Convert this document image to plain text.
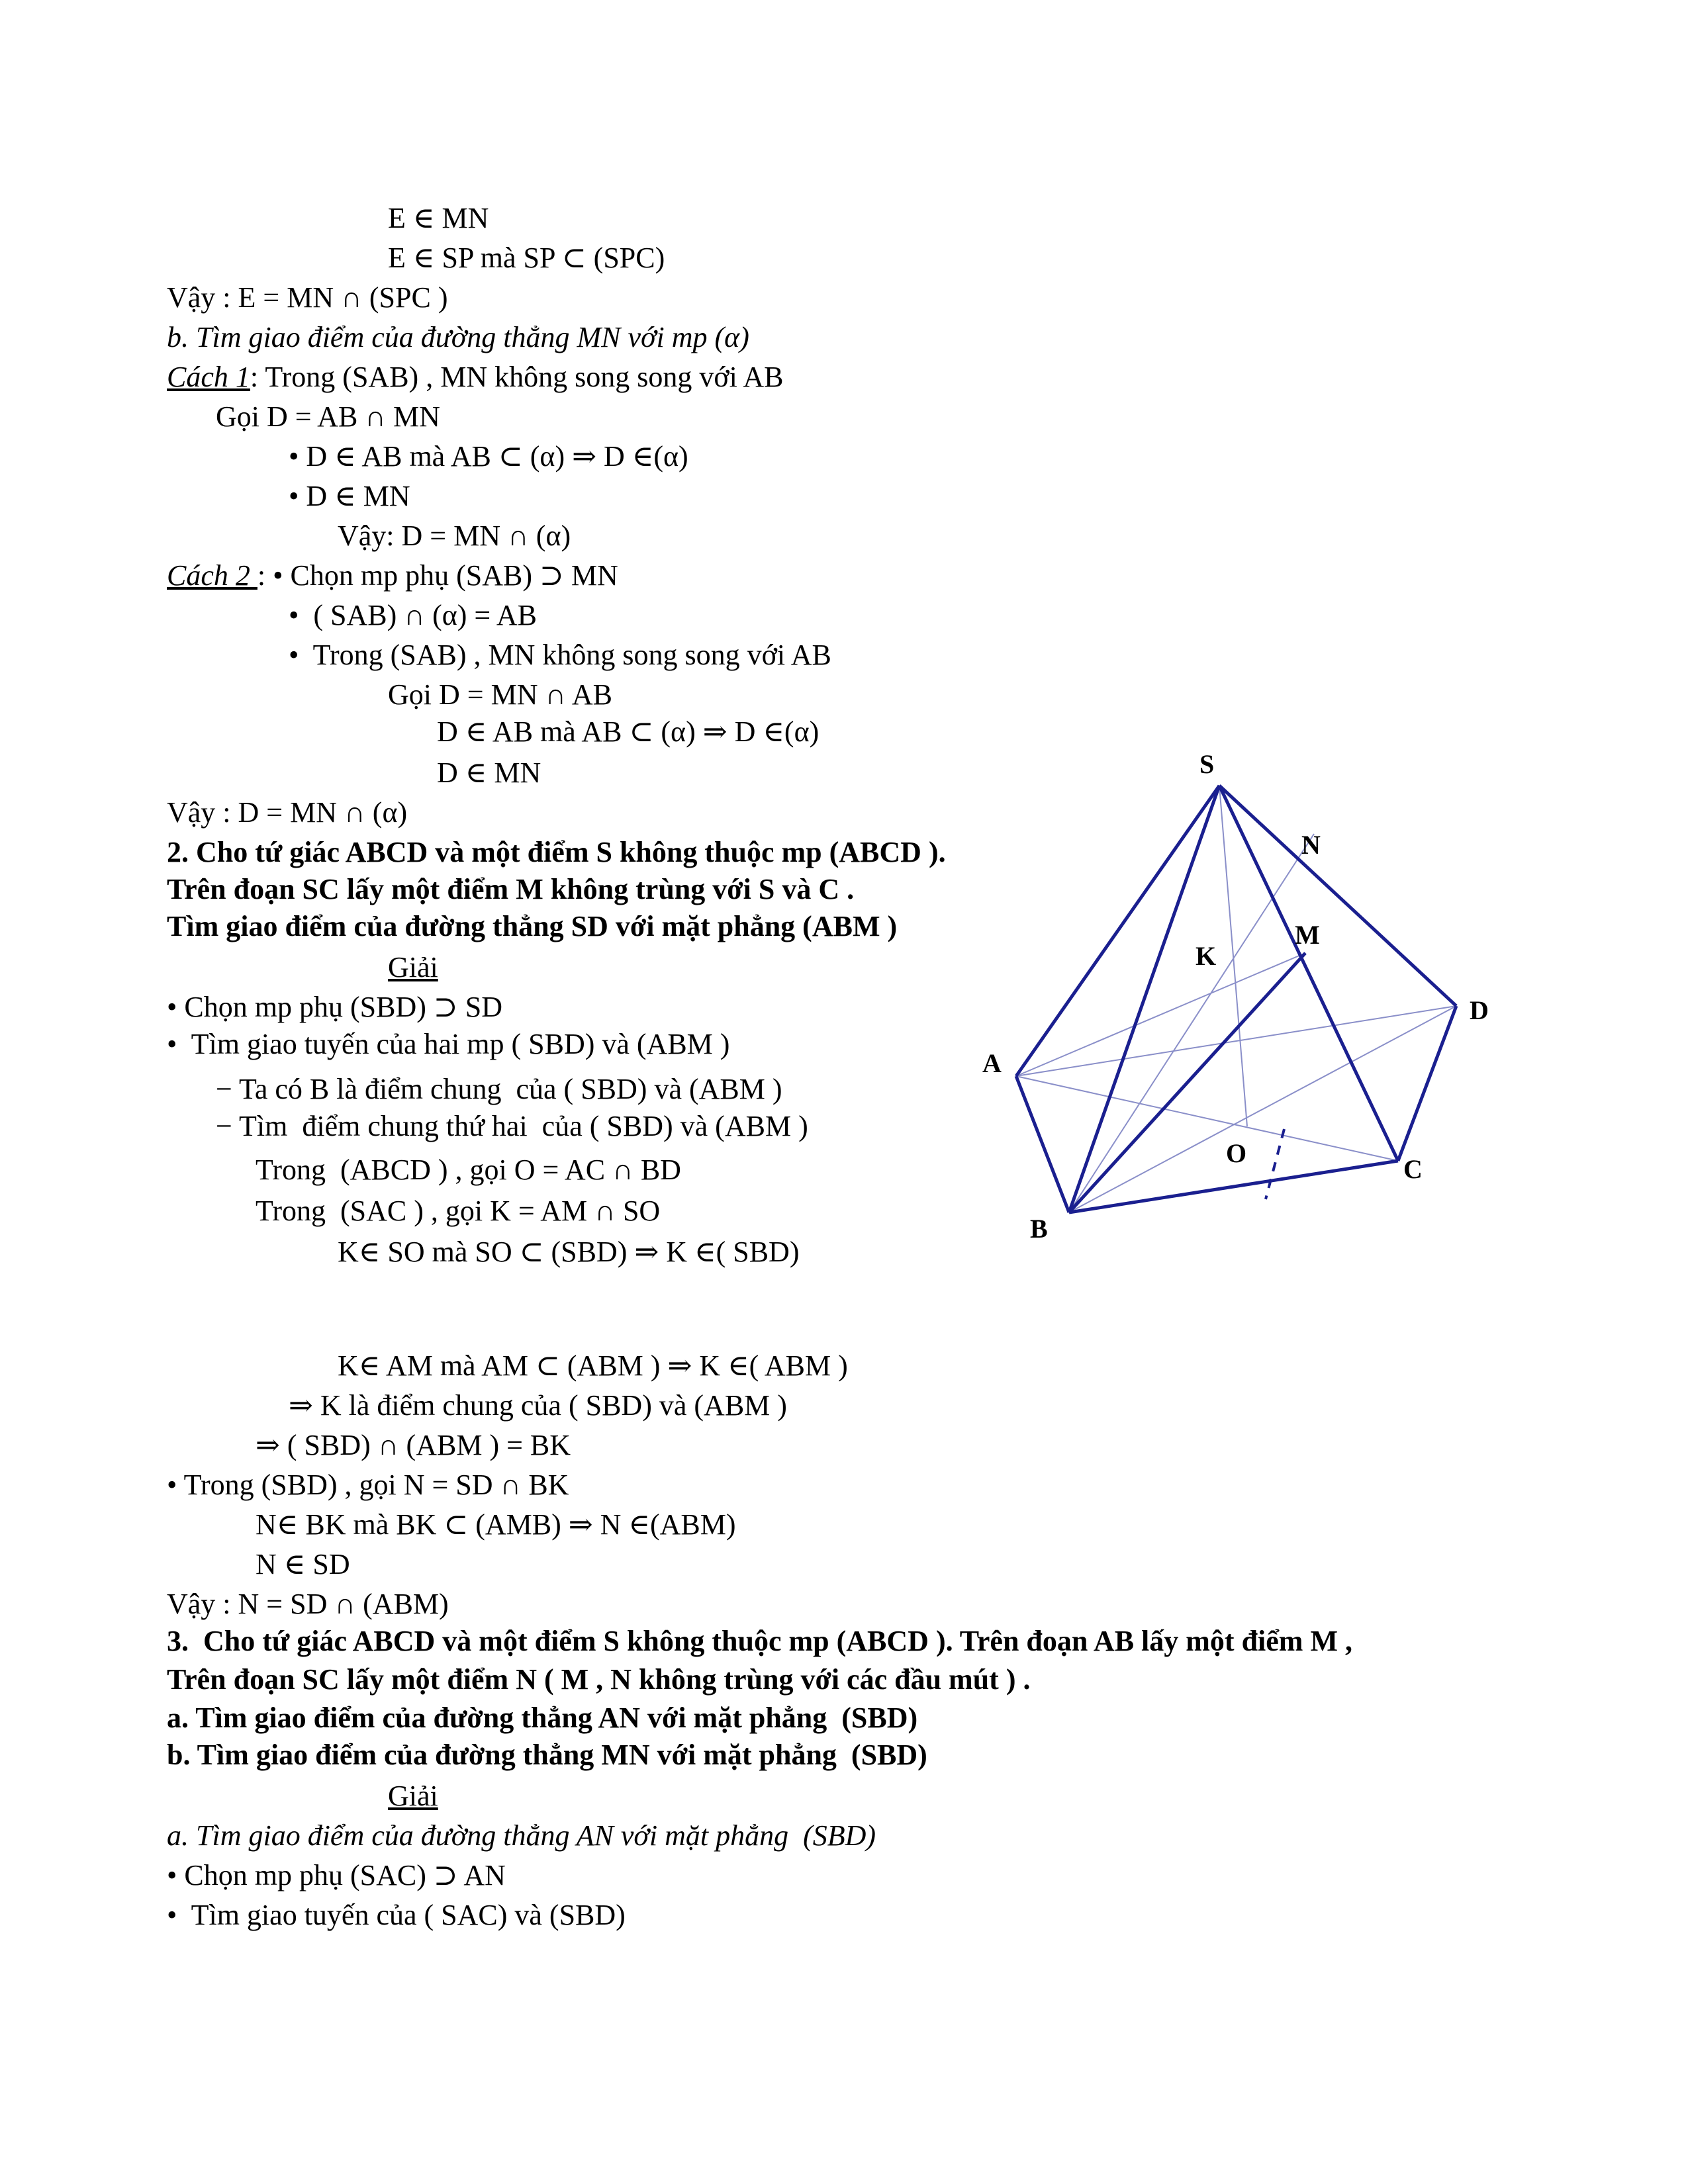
E ∈ MN
E ∈ SP mà SP ⊂ (SPC)
Vậy : E = MN ∩ (SPC )
b. Tìm giao điểm của đường thẳng MN với mp (α)
Cách 1: Trong (SAB) , MN không song song với AB
Gọi D = AB ∩ MN
• D ∈ AB mà AB ⊂ (α) ⇒ D ∈(α)
• D ∈ MN
Vậy: D = MN ∩ (α)
Cách 2 : • Chọn mp phụ (SAB) ⊃ MN
•  ( SAB) ∩ (α) = AB
•  Trong (SAB) , MN không song song với AB
Gọi D = MN ∩ AB
D ∈ AB mà AB ⊂ (α) ⇒ D ∈(α)
D ∈ MN
Vậy : D = MN ∩ (α)
2. Cho tứ giác ABCD và một điểm S không thuộc mp (ABCD ).
Trên đoạn SC lấy một điểm M không trùng với S và C .
Tìm giao điểm của đường thẳng SD với mặt phẳng (ABM )
Giải
• Chọn mp phụ (SBD) ⊃ SD
•  Tìm giao tuyến của hai mp ( SBD) và (ABM )
− Ta có B là điểm chung  của ( SBD) và (ABM )
− Tìm  điểm chung thứ hai  của ( SBD) và (ABM )
Trong  (ABCD ) , gọi O = AC ∩ BD
Trong  (SAC ) , gọi K = AM ∩ SO
K∈ SO mà SO ⊂ (SBD) ⇒ K ∈( SBD)
K∈ AM mà AM ⊂ (ABM ) ⇒ K ∈( ABM )
⇒ K là điểm chung của ( SBD) và (ABM )
⇒ ( SBD) ∩ (ABM ) = BK
• Trong (SBD) , gọi N = SD ∩ BK
N∈ BK mà BK ⊂ (AMB) ⇒ N ∈(ABM)
N ∈ SD
Vậy : N = SD ∩ (ABM)
3.  Cho tứ giác ABCD và một điểm S không thuộc mp (ABCD ). Trên đoạn AB lấy một điểm M ,
Trên đoạn SC lấy một điểm N ( M , N không trùng với các đầu mút ) .
a. Tìm giao điểm của đường thẳng AN với mặt phẳng  (SBD)
b. Tìm giao điểm của đường thẳng MN với mặt phẳng  (SBD)
Giải
a. Tìm giao điểm của đường thẳng AN với mặt phẳng  (SBD)
• Chọn mp phụ (SAC) ⊃ AN
•  Tìm giao tuyến của ( SAC) và (SBD)
S
N
M
K
D
A
O
C
B
